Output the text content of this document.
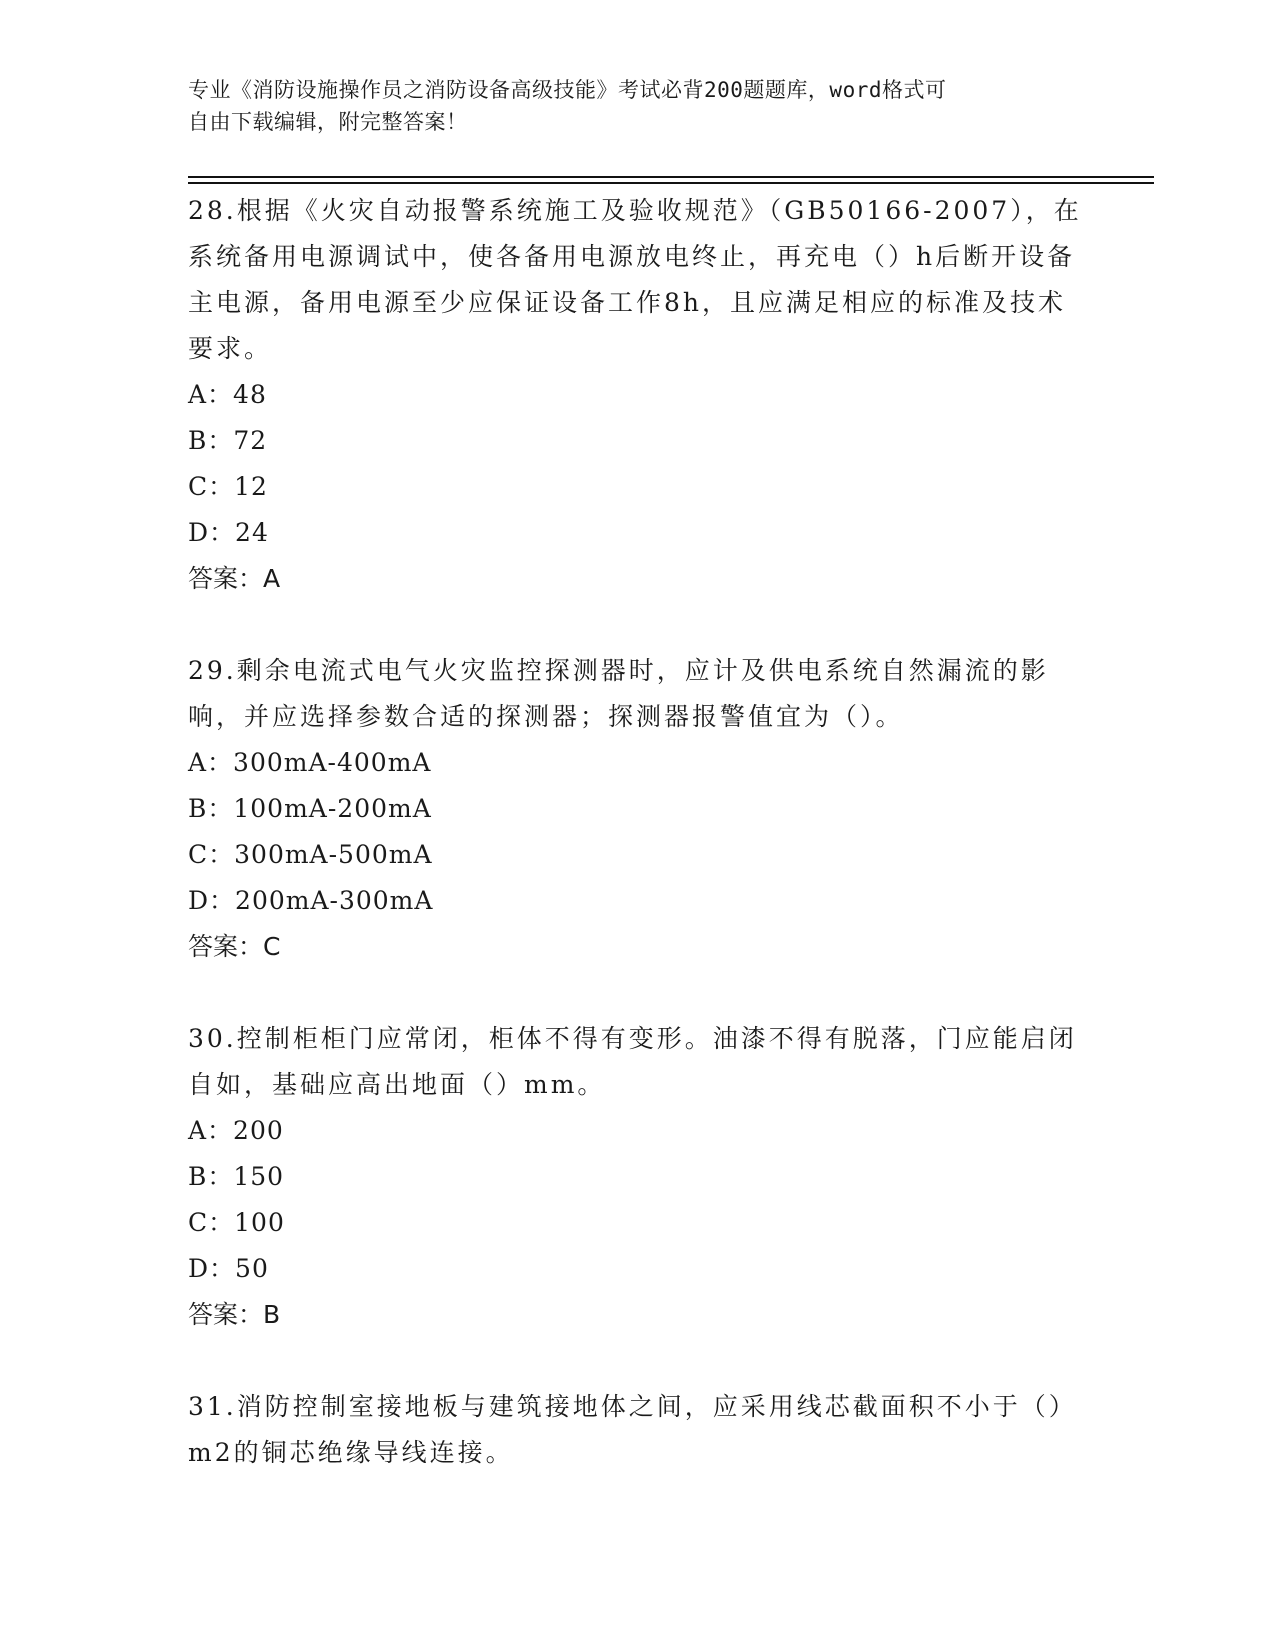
专业《消防设施操作员之消防设备高级技能》考试必背200题题库，word格式可

自由下载编辑，附完整答案！

28.根据《火灾自动报警系统施工及验收规范》（GB50166-2007），在系统备用电源调试中，使各备用电源放电终止，再充电（）h后断开设备主电源，备用电源至少应保证设备工作8h，且应满足相应的标准及技术要求。

A：48
B：72
C：12
D：24

答案：A

29.剩余电流式电气火灾监控探测器时，应计及供电系统自然漏流的影响，并应选择参数合适的探测器；探测器报警值宜为（）。

A：300mA-400mA
B：100mA-200mA
C：300mA-500mA
D：200mA-300mA

答案：C

30.控制柜柜门应常闭，柜体不得有变形。油漆不得有脱落，门应能启闭自如，基础应高出地面（）mm。

A：200
B：150
C：100
D：50

答案：B

31.消防控制室接地板与建筑接地体之间，应采用线芯截面积不小于（）m2的铜芯绝缘导线连接。
